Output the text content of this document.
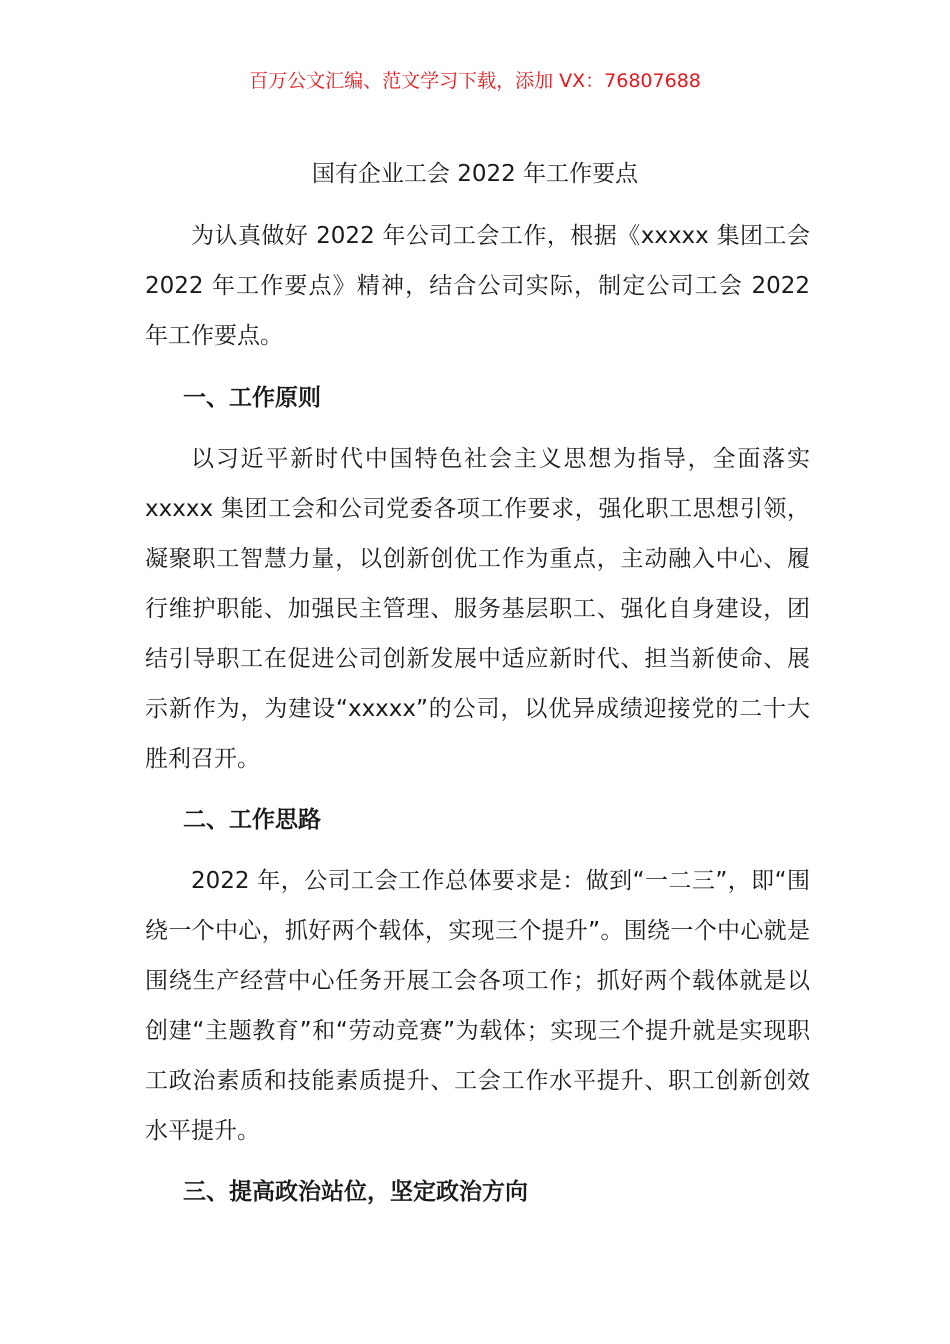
百万公文汇编、范文学习下载，添加 VX：76807688
国有企业工会 2022 年工作要点

为认真做好 2022 年公司工会工作，根据《xxxxx 集团工会 2022 年工作要点》精神，结合公司实际，制定公司工会 2022 年工作要点。

一、工作原则

以习近平新时代中国特色社会主义思想为指导，全面落实 xxxxx 集团工会和公司党委各项工作要求，强化职工思想引领，凝聚职工智慧力量，以创新创优工作为重点，主动融入中心、履行维护职能、加强民主管理、服务基层职工、强化自身建设，团结引导职工在促进公司创新发展中适应新时代、担当新使命、展示新作为，为建设“xxxxx”的公司，以优异成绩迎接党的二十大胜利召开。

二、工作思路

2022 年，公司工会工作总体要求是：做到“一二三”，即“围绕一个中心，抓好两个载体，实现三个提升”。围绕一个中心就是围绕生产经营中心任务开展工会各项工作；抓好两个载体就是以创建“主题教育”和“劳动竞赛”为载体；实现三个提升就是实现职工政治素质和技能素质提升、工会工作水平提升、职工创新创效水平提升。

三、提高政治站位，坚定政治方向
